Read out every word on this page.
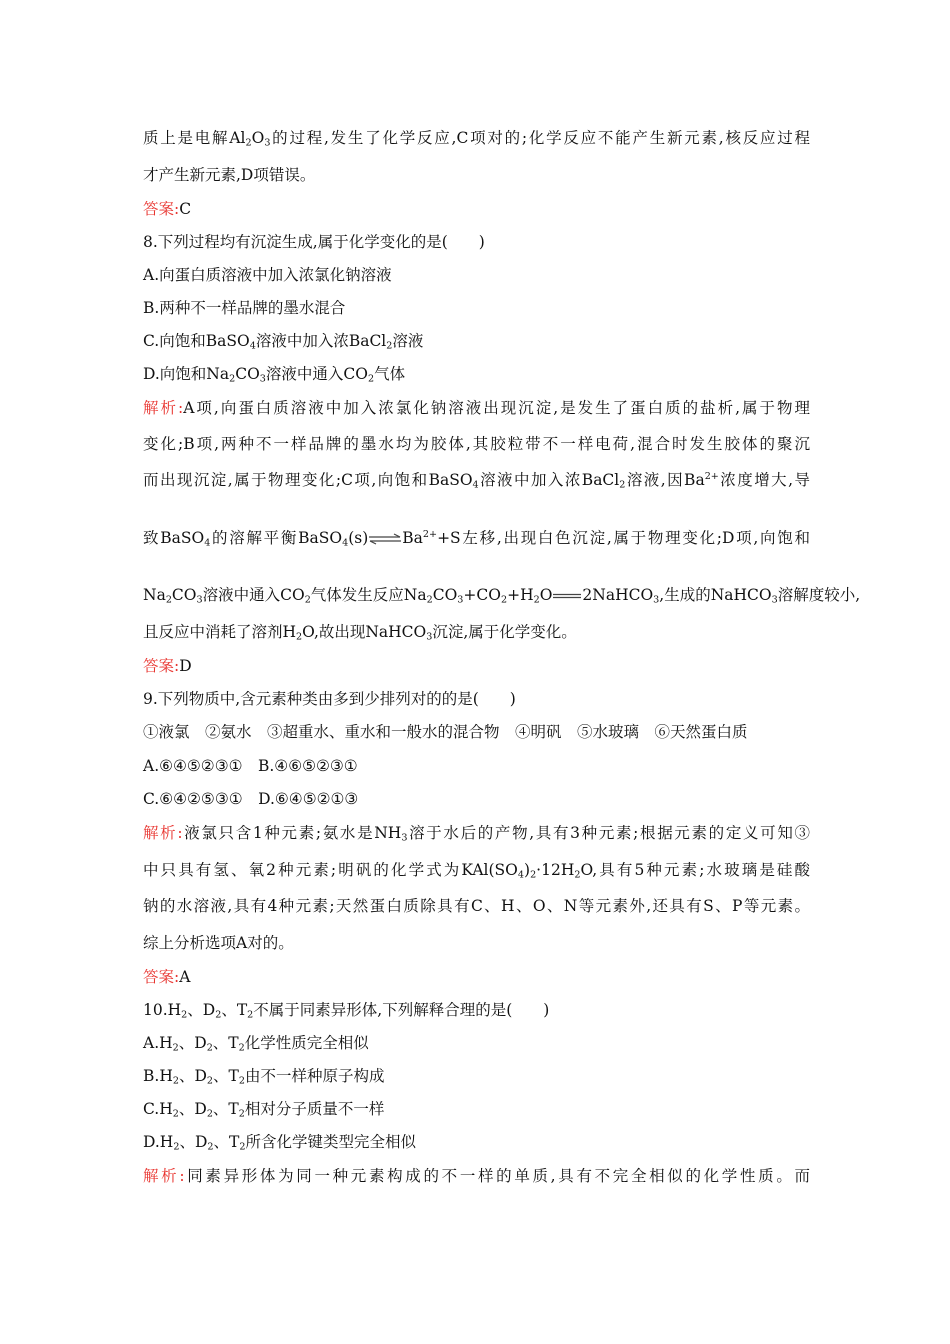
质上是电解$Al_2O_3$的过程,发生了化学反应,C项对的;化学反应不能产生新元素,核反应过程
才产生新元素,D项错误。
答案:C
8.下列过程均有沉淀生成,属于化学变化的是(　　)
A.向蛋白质溶液中加入浓氯化钠溶液
B.两种不一样品牌的墨水混合
C.向饱和BaSO$_4$溶液中加入浓BaCl$_2$溶液
D.向饱和$Na_2CO_3$溶液中通入$CO_2$气体
解析:A项,向蛋白质溶液中加入浓氯化钠溶液出现沉淀,是发生了蛋白质的盐析,属于物理
变化;B项,两种不一样品牌的墨水均为胶体,其胶粒带不一样电荷,混合时发生胶体的聚沉
而出现沉淀,属于物理变化;C项,向饱和BaSO$_4$溶液中加入浓BaCl$_2$溶液,因$Ba^{2+}$浓度增大,导
致BaSO$_4$的溶解平衡$BaSO_4(s)\rightleftharpoons Ba^{2+}+S$左移,出现白色沉淀,属于物理变化;D项,向饱和
$Na_2CO_3$溶液中通入$CO_2$气体发生反应$Na_2CO_3+CO_2+H_2O$ 2NaHCO$_3$,生成的NaHCO$_3$溶解度较小,
且反应中消耗了溶剂$H_2O$,故出现NaHCO$_3$沉淀,属于化学变化。
答案:D
9.下列物质中,含元素种类由多到少排列对的的是(　　)
①液氯　②氨水　③超重水、重水和一般水的混合物　④明矾　⑤水玻璃　⑥天然蛋白质
A.⑥④⑤②③①　B.④⑥⑤②③①
C.⑥④②⑤③①　D.⑥④⑤②①③
解析:液氯只含1种元素;氨水是$NH_3$溶于水后的产物,具有3种元素;根据元素的定义可知③
中只具有氢、氧2种元素;明矾的化学式为$KAl(SO_4)_2\cdot 12H_2O$,具有5种元素;水玻璃是硅酸
钠的水溶液,具有4种元素;天然蛋白质除具有C、H、O、N等元素外,还具有S、P等元素。
综上分析选项A对的。
答案:A
$10.H_2$、$D_2$、$T_2$不属于同素异形体,下列解释合理的是(　　)
$A.H_2$、$D_2$、$T_2$化学性质完全相似
$B.H_2$、$D_2$、$T_2$由不一样种原子构成
$C.H_2$、$D_2$、$T_2$相对分子质量不一样
$D.H_2$、$D_2$、$T_2$所含化学键类型完全相似
解析:同素异形体为同一种元素构成的不一样的单质,具有不完全相似的化学性质。而
